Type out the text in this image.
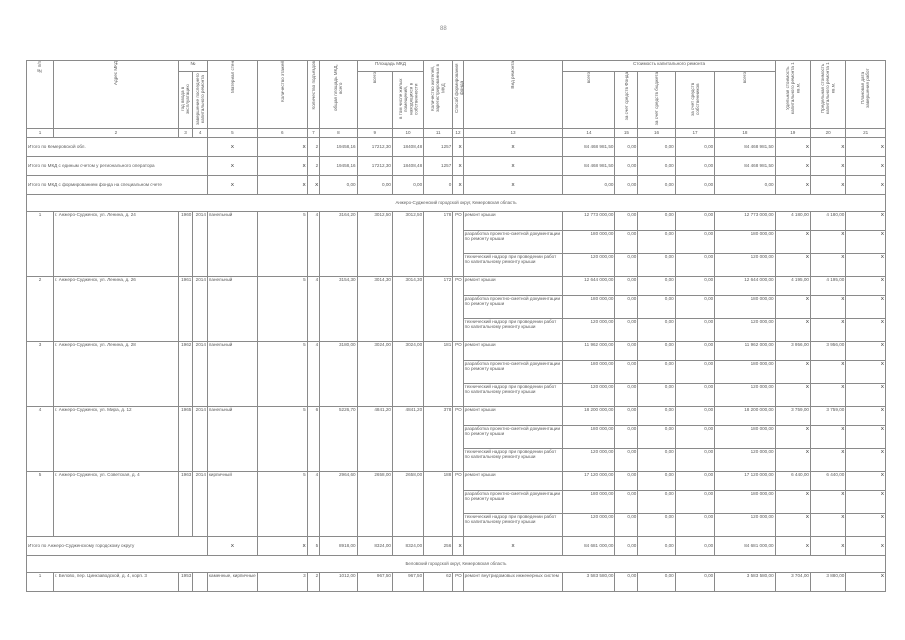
88
№ п/п	Адрес МКД	№		Материал стен	Количество этажей	Количество подъездов	общая площадь МКД, всего	Площадь МКД		Количество жителей, зарегистрированных в МКД	Способ формирования фонда	Вид ремонта	Стоимость капитального ремонта					Удельная стоимость капитального ремонта 1 кв.м.	Предельная стоимость капитального ремонта 1 кв.м.	Плановая дата завершения работ
		год ввода в эксплуатацию	завершение последнего капитального ремонта					всего	в том числе жилых помещений, находящихся в собственности				всего	за счет средств Фонда	за счет средств бюджета	за счет средств собственников	всего			
1	2	3	4	5	6	7	8	9	10	11	12	13	14	15	16	17	18	19	20	21
Итого по Кемеровской обл.				Х	Х	2	19458,16	17212,30	18408,48	1257	Х	Х	84 468 981,50	0,00	0,00	0,00	84 468 981,50	Х	Х	Х
Итого по МКД с единым счетом у регионального оператора				Х	Х	2	19458,16	17212,30	18408,48	1257	Х	Х	84 468 981,50	0,00	0,00	0,00	84 468 981,50	Х	Х	Х
Итого по МКД с формированием фонда на специальном счете				Х	Х	Х	0,00	0,00	0,00	0	Х	Х	0,00	0,00	0,00	0,00	0,00	Х	Х	Х
Анжеро-Судженский городской округ, Кемеровская область																				
1	г. Анжеро-Судженск, ул. Ленина, д. 24	1960	2014	панельный	5	4	3164,20	3012,50	3012,50	178	РО	ремонт крыши	12 773 000,00	0,00	0,00	0,00	12 773 000,00	4 180,00	4 180,00	Х
												разработка проектно-сметной документации по ремонту крыши	180 000,00	0,00	0,00	0,00	180 000,00	Х	Х	Х
												технический надзор при проведении работ по капитальному ремонту крыши	120 000,00	0,00	0,00	0,00	120 000,00	Х	Х	Х
2	г. Анжеро-Судженск, ул. Ленина, д. 26	1961	2014	панельный	5	4	3154,30	3014,30	3014,30	172	РО	ремонт крыши	12 644 000,00	0,00	0,00	0,00	12 644 000,00	4 195,00	4 195,00	Х
												разработка проектно-сметной документации по ремонту крыши	180 000,00	0,00	0,00	0,00	180 000,00	Х	Х	Х
												технический надзор при проведении работ по капитальному ремонту крыши	120 000,00	0,00	0,00	0,00	120 000,00	Х	Х	Х
3	г. Анжеро-Судженск, ул. Ленина, д. 28	1962	2014	панельный	5	4	3180,00	3024,00	3024,00	181	РО	ремонт крыши	11 962 000,00	0,00	0,00	0,00	11 962 000,00	3 956,00	3 956,00	Х
												разработка проектно-сметной документации по ремонту крыши	180 000,00	0,00	0,00	0,00	180 000,00	Х	Х	Х
												технический надзор при проведении работ по капитальному ремонту крыши	120 000,00	0,00	0,00	0,00	120 000,00	Х	Х	Х
4	г. Анжеро-Судженск, ул. Мира, д. 12	1965	2014	панельный	5	6	5226,70	4841,20	4841,20	378	РО	ремонт крыши	18 200 000,00	0,00	0,00	0,00	18 200 000,00	3 759,00	3 759,00	Х
												разработка проектно-сметной документации по ремонту крыши	180 000,00	0,00	0,00	0,00	180 000,00	Х	Х	Х
												технический надзор при проведении работ по капитальному ремонту крыши	120 000,00	0,00	0,00	0,00	120 000,00	Х	Х	Х
5	г. Анжеро-Судженск, ул. Советская, д. 4	1963	2014	кирпичный	5	4	2964,60	2658,00	2658,00	188	РО	ремонт крыши	17 120 000,00	0,00	0,00	0,00	17 120 000,00	6 440,00	6 440,00	Х
												разработка проектно-сметной документации по ремонту крыши	180 000,00	0,00	0,00	0,00	180 000,00	Х	Х	Х
												технический надзор при проведении работ по капитальному ремонту крыши	120 000,00	0,00	0,00	0,00	120 000,00	Х	Х	Х
Итого по Анжеро-Судженскому городскому округу				Х	Х	5	8918,00	8324,00	8324,00	256	Х	Х	84 681 000,00	0,00	0,00	0,00	84 681 000,00	Х	Х	Х
Беловский городской округ, Кемеровская область																				
1	г. Белово, пер. Цинкзаводской, д. 4, корп. 3	1953		каменные, кирпичные	3	2	1012,00	967,50	967,50	62	РО	ремонт внутридомовых инженерных систем	3 583 580,00	0,00	0,00	0,00	3 583 580,00	3 704,00	3 880,00	Х
